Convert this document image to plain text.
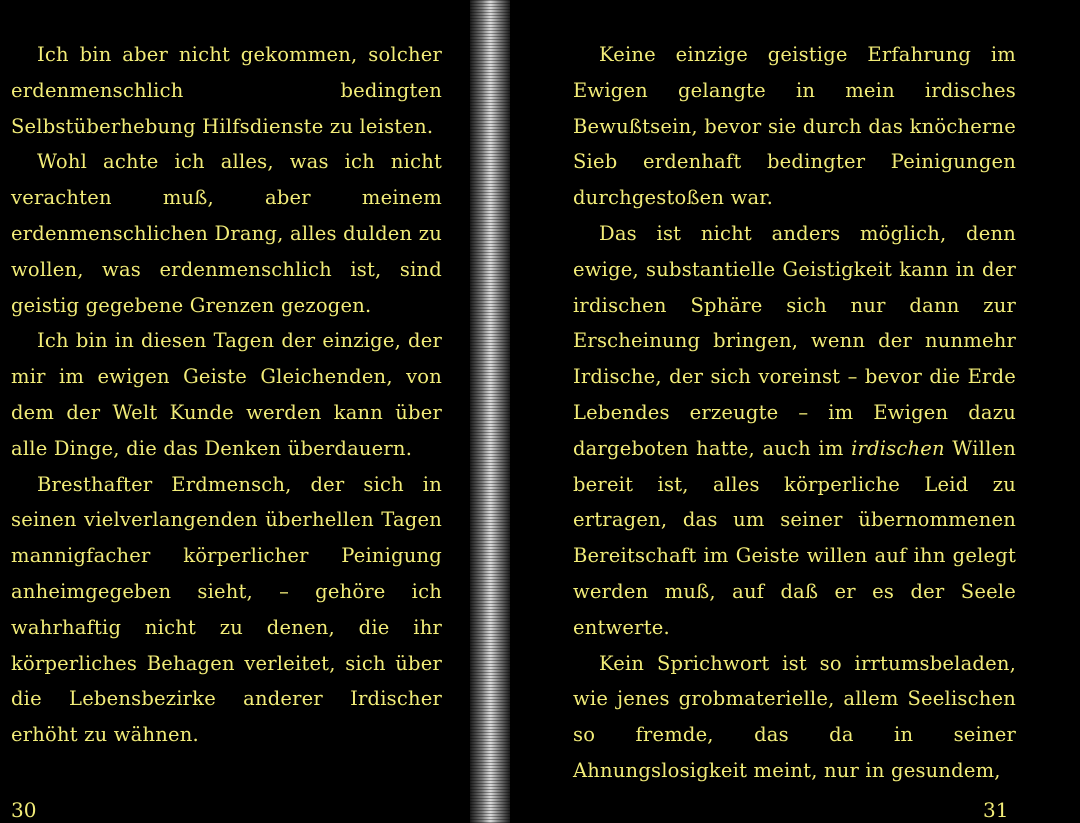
Ich bin aber nicht gekommen, solcher erdenmenschlich bedingten Selbstüberhebung Hilfsdienste zu leisten.

Wohl achte ich alles, was ich nicht verachten muß, aber meinem erdenmenschlichen Drang, alles dulden zu wollen, was erdenmenschlich ist, sind geistig gegebene Grenzen gezogen.

Ich bin in diesen Tagen der einzige, der mir im ewigen Geiste Gleichenden, von dem der Welt Kunde werden kann über alle Dinge, die das Denken überdauern.

Bresthafter Erdmensch, der sich in seinen vielverlangenden überhellen Tagen mannigfacher körperlicher Peinigung anheimgegeben sieht, – gehöre ich wahrhaftig nicht zu denen, die ihr körperliches Behagen verleitet, sich über die Lebensbezirke anderer Irdischer erhöht zu wähnen.

30

Keine einzige geistige Erfahrung im Ewigen gelangte in mein irdisches Bewußtsein, bevor sie durch das knöcherne Sieb erdenhaft bedingter Peinigungen durchgestoßen war.

Das ist nicht anders möglich, denn ewige, substantielle Geistigkeit kann in der irdischen Sphäre sich nur dann zur Erscheinung bringen, wenn der nunmehr Irdische, der sich voreinst – bevor die Erde Lebendes erzeugte – im Ewigen dazu dargeboten hatte, auch im irdischen Willen bereit ist, alles körperliche Leid zu ertragen, das um seiner übernommenen Bereitschaft im Geiste willen auf ihn gelegt werden muß, auf daß er es der Seele entwerte.

Kein Sprichwort ist so irrtumsbeladen, wie jenes grobmaterielle, allem Seelischen so fremde, das da in seiner Ahnungslosigkeit meint, nur in gesundem,

31
